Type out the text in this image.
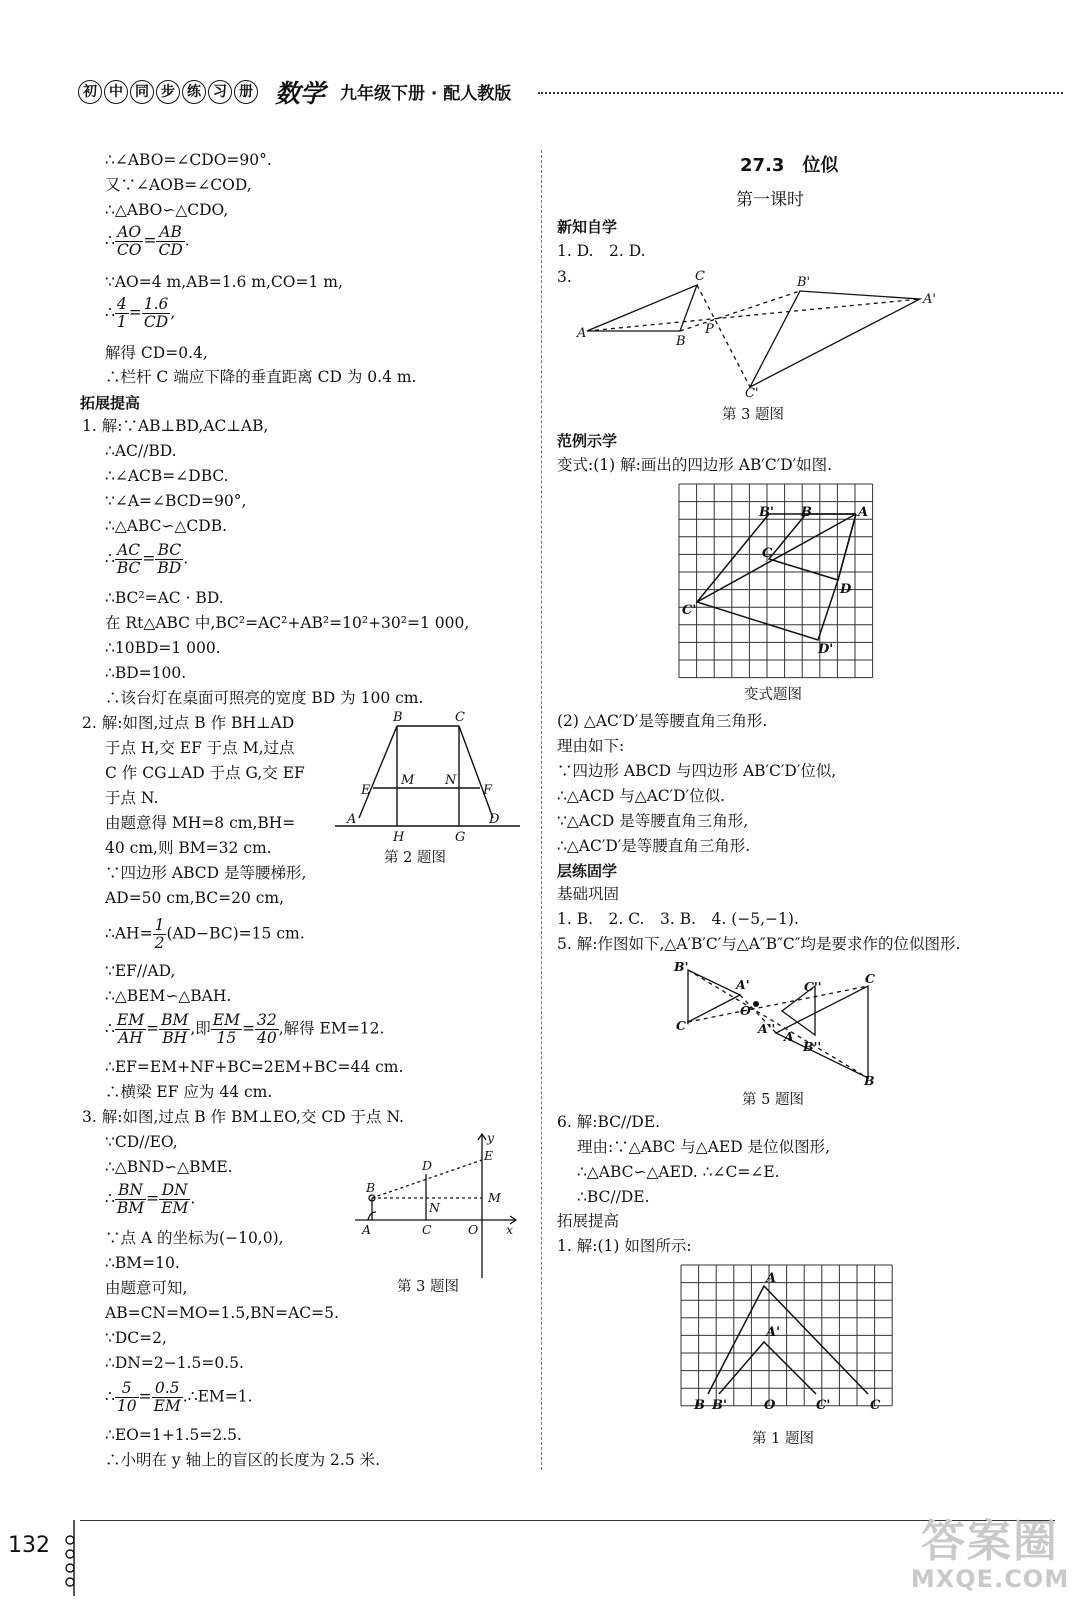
初 中 同 步 练 习 册 数学 九年级下册 · 配人教版
∴∠ABO=∠CDO=90°.
又∵∠AOB=∠COD,
∴△ABO∽△CDO,
∴ $\frac{AO}{CO} = \frac{AB}{CD}$ .
∵AO=4 m,AB=1.6 m,CO=1 m,
∴ $\frac{4}{1} = \frac{1.6}{CD}$ ,
解得 CD=0.4,
∴栏杆 C 端应下降的垂直距离 CD 为 0.4 m.
拓展提高
1. 解:∵AB⊥BD,AC⊥AB,
∴AC//BD.
∴∠ACB=∠DBC.
∵∠A=∠BCD=90°,
∴△ABC∽△CDB.
∴ $\frac{AC}{BC} = \frac{BC}{BD}$ .
∴BC²=AC · BD.
在 Rt△ABC 中,BC²=AC²+AB²=10²+30²=1 000,
∴10BD=1 000.
∴BD=100.
∴该台灯在桌面可照亮的宽度 BD 为 100 cm.
2. 解:如图,过点 B 作 BH⊥AD
于点 H,交 EF 于点 M,过点
C 作 CG⊥AD 于点 G,交 EF
于点 N.
由题意得 MH=8 cm,BH=
40 cm,则 BM=32 cm.
∵四边形 ABCD 是等腰梯形,
AD=50 cm,BC=20 cm,
∴AH= $\frac{1}{2} (AD-BC)=15$ cm.
∵EF//AD,
∴△BEM∽△BAH.
∴ $\frac{EM}{AH} = \frac{BM}{BH}$ ,即 $\frac{EM}{15} = \frac{32}{40}$ ,解得 EM=12.
∴EF=EM+NF+BC=2EM+BC=44 cm.
∴横梁 EF 应为 44 cm.
3. 解:如图,过点 B 作 BM⊥EO,交 CD 于点 N.
∵CD//EO,
∴△BND∽△BME.
∴ $\frac{BN}{BM} = \frac{DN}{EM}$ .
∵点 A 的坐标为(−10,0),
∴BM=10.
由题意可知,
AB=CN=MO=1.5,BN=AC=5.
∵DC=2,
∴DN=2−1.5=0.5.
∴ $\frac{5}{10} = \frac{0.5}{EM}$ .∴EM=1.
∴EO=1+1.5=2.5.
∴小明在 y 轴上的盲区的长度为 2.5 米.
B	C
E
M N
F
A
H	G
D
第 2 题图
y
D
E
B
N
M
A	C	O x
第 3 题图
27.3　位似
第一课时
新知自学
1. D.　2. D.
3.	C	B'
A'
A	P
B
C'
第 3 题图
范例示学
变式:(1) 解:画出的四边形 AB′C′D′如图.
B' B	A
C
D
C'
D'
变式题图
(2) △AC′D′是等腰直角三角形.
理由如下:
∵四边形 ABCD 与四边形 AB′C′D′位似,
∴△ACD 与△AC′D′位似.
∵△ACD 是等腰直角三角形,
∴△AC′D′是等腰直角三角形.
层练固学
基础巩固
1. B.　2. C.　3. B.　4. (−5,−1).
5. 解:作图如下,△A′B′C′与△A″B″C″均是要求作的位似图形.
B'
A'	C''
C
C'
O
A''
A
B''
B
第 5 题图
6. 解:BC//DE.
理由:∵△ABC 与△AED 是位似图形,
∴△ABC∽△AED. ∴∠C=∠E.
∴BC//DE.
拓展提高
1. 解:(1) 如图所示:
A
A'
B B'	O	C'	C
第 1 题图
132	答案圈
MXQE.COM
